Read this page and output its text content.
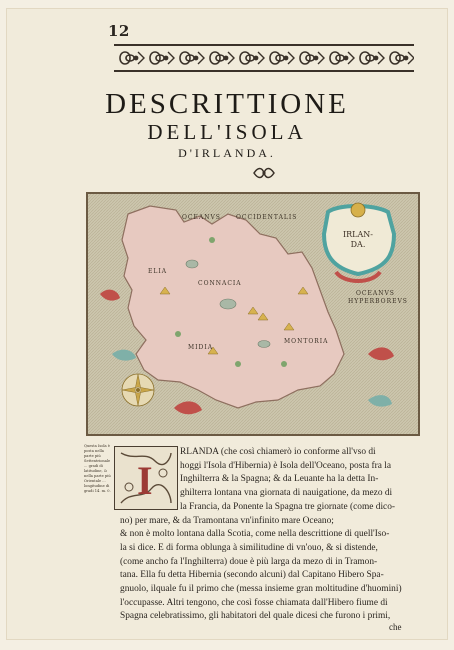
12
DESCRITTIONE
DELL'ISOLA
D'IRLANDA.
OCEANVS	OCCIDENTALIS
OCEANVS
HYPERBOREVS
CONNACIA
MONTORIA
MIDIA
ELIA
IRLAN-
DA.
Questa Isola è posta nella parte più Settentrionale ... gradi di latitudine, & nella parte più Orientale ... longitudine di gradi 14. m. 0. I
RLANDA (che così chiamerò io conforme all'vso di
hoggi l'Isola d'Hibernia) è Isola dell'Oceano, posta fra la
Inghilterra & la Spagna; & da Leuante ha la detta In-
ghilterra lontana vna giornata di nauigatione, da mezo di
la Francia, da Ponente la Spagna tre giornate (come dico-
no) per mare, & da Tramontana vn'infinito mare Oceano;
& non è molto lontana dalla Scotia, come nella descrittione di quell'Iso-
la si dice. E di forma oblunga à similitudine di vn'ouo, & si distende,
(come ancho fa l'Inghilterra) doue è più larga da mezo di in Tramon-
tana. Ella fu detta Hibernia (secondo alcuni) dal Capitano Hibero Spa-
gnuolo, ilquale fu il primo che (messa insieme gran moltitudine d'huomini)
l'occupasse. Altri tengono, che così fosse chiamata dall'Hibero fiume di
Spagna celebratissimo, gli habitatori del quale dicesi che furono i primi,
che
